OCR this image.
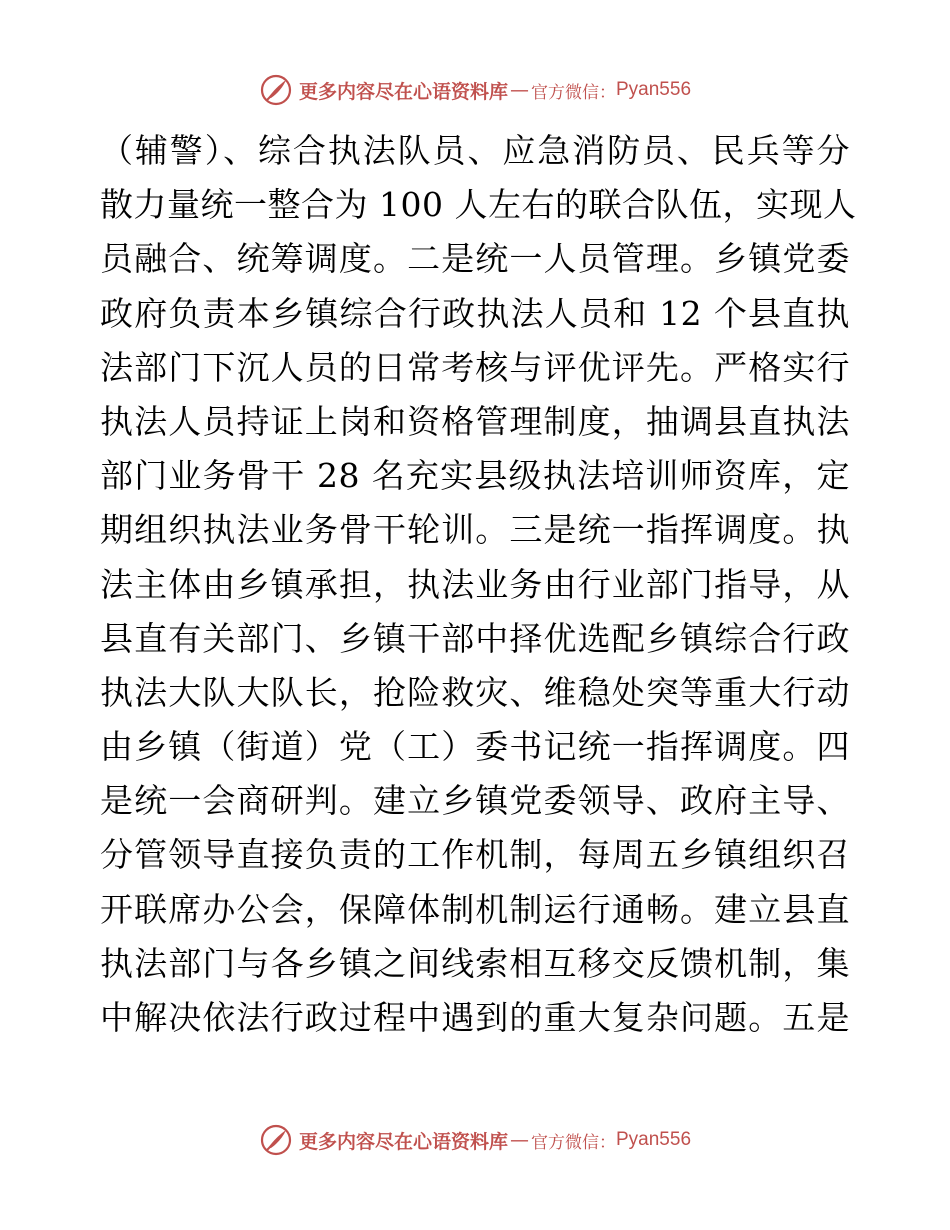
更多内容尽在心语资料库 — 官方微信： Pyan556
（辅警）、综合执法队员、应急消防员、民兵等分
散力量统一整合为 100 人左右的联合队伍，实现人
员融合、统筹调度。二是统一人员管理。乡镇党委
政府负责本乡镇综合行政执法人员和 12 个县直执
法部门下沉人员的日常考核与评优评先。严格实行
执法人员持证上岗和资格管理制度，抽调县直执法
部门业务骨干 28 名充实县级执法培训师资库，定
期组织执法业务骨干轮训。三是统一指挥调度。执
法主体由乡镇承担，执法业务由行业部门指导，从
县直有关部门、乡镇干部中择优选配乡镇综合行政
执法大队大队长，抢险救灾、维稳处突等重大行动
由乡镇（街道）党（工）委书记统一指挥调度。四
是统一会商研判。建立乡镇党委领导、政府主导、
分管领导直接负责的工作机制，每周五乡镇组织召
开联席办公会，保障体制机制运行通畅。建立县直
执法部门与各乡镇之间线索相互移交反馈机制，集
中解决依法行政过程中遇到的重大复杂问题。五是
更多内容尽在心语资料库 — 官方微信： Pyan556
